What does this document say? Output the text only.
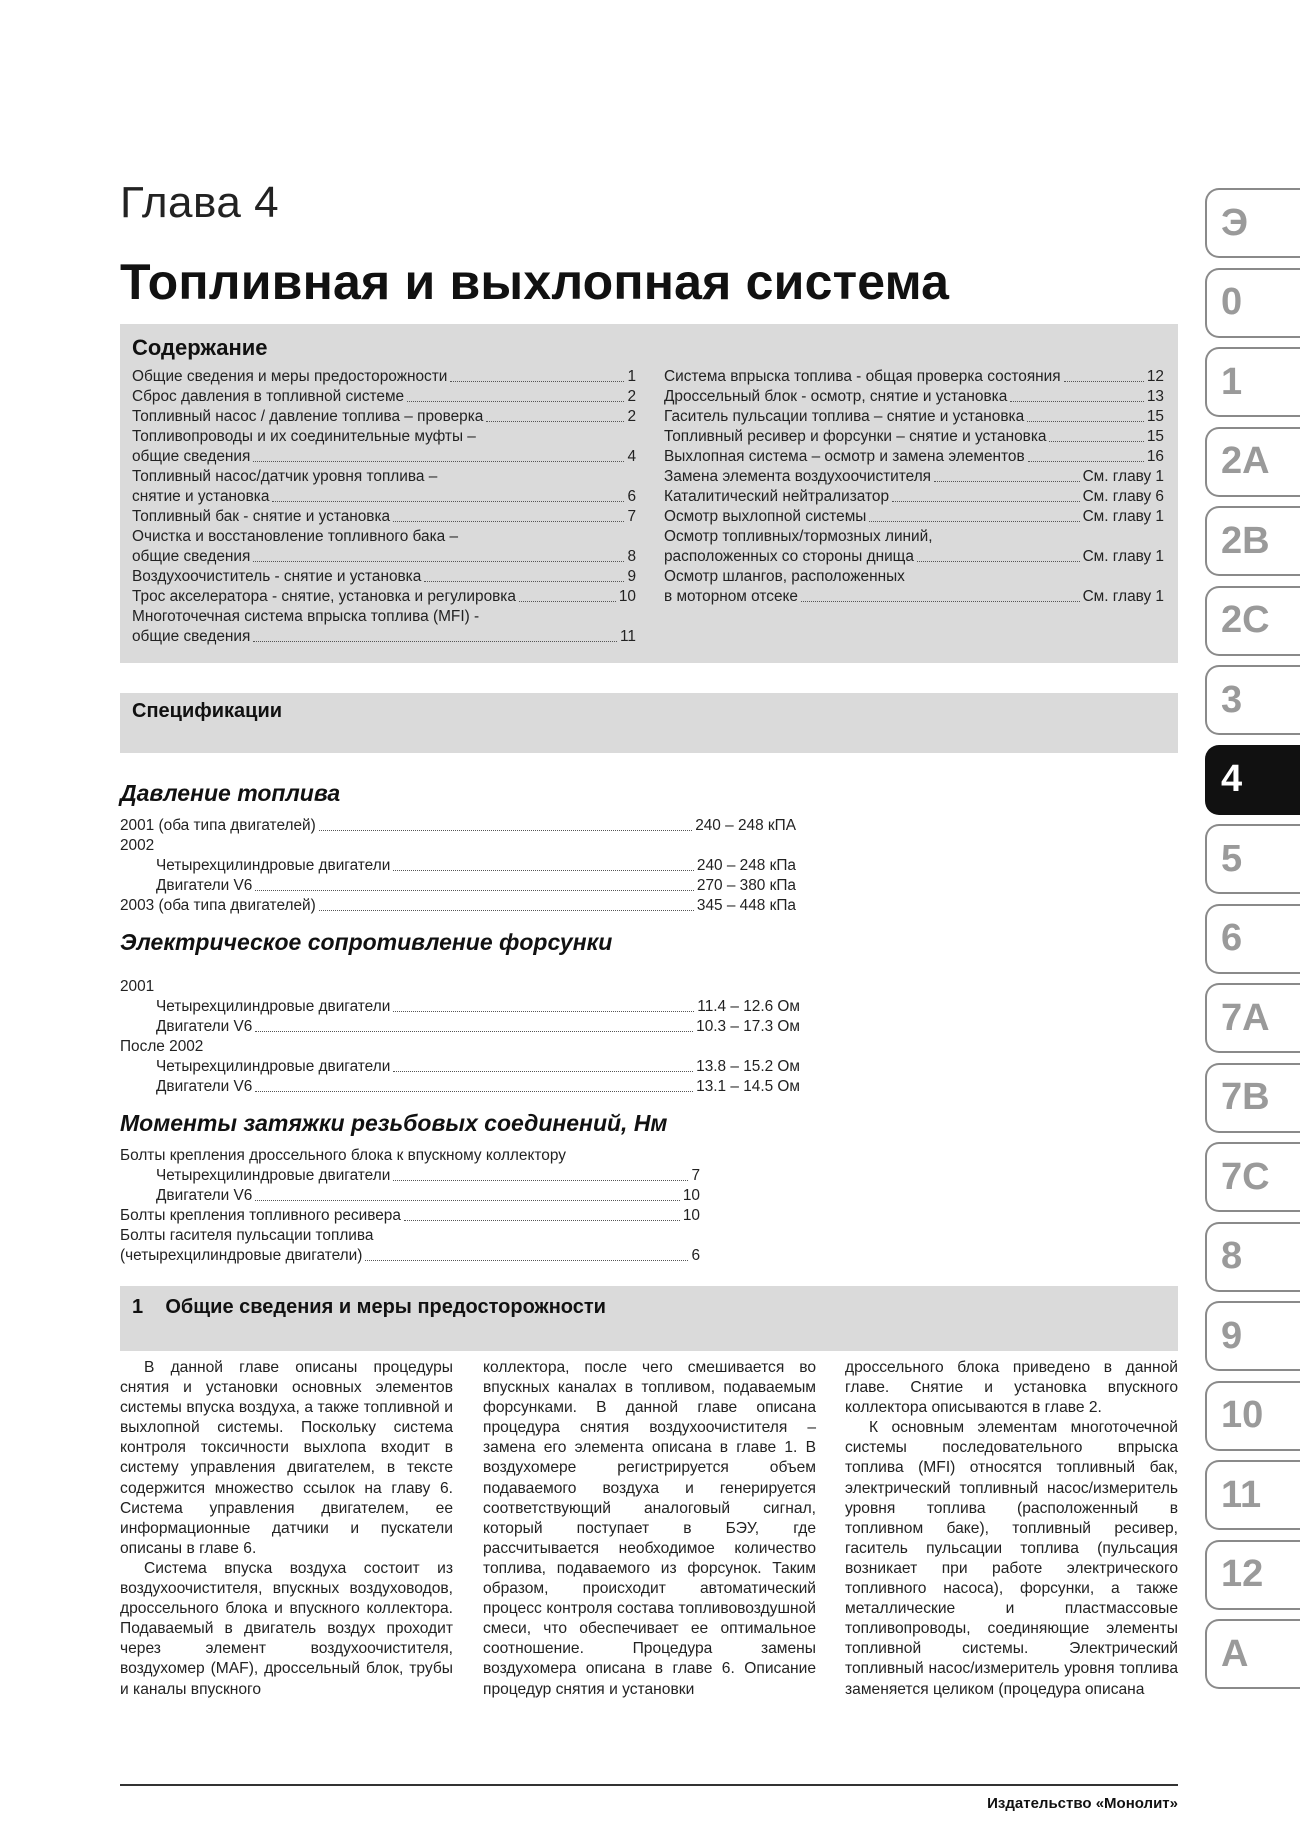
Глава 4
Топливная и выхлопная система
Содержание
Общие сведения и меры предосторожности	1
Сброс давления в топливной системе	2
Топливный насос / давление топлива – проверка	2
Топливопроводы и их соединительные муфты –
общие сведения	4
Топливный насос/датчик уровня топлива –
снятие и установка	6
Топливный бак - снятие и установка	7
Очистка и восстановление топливного бака –
общие сведения	8
Воздухоочиститель - снятие и установка	9
Трос акселератора - снятие, установка и регулировка	10
Многоточечная система впрыска топлива (MFI) -
общие сведения	11
Система впрыска топлива - общая проверка состояния	12
Дроссельный блок - осмотр, снятие и установка	13
Гаситель пульсации топлива – снятие и установка	15
Топливный ресивер и форсунки – снятие и установка	15
Выхлопная система – осмотр и замена элементов	16
Замена элемента воздухоочистителя	См. главу 1
Каталитический нейтрализатор	См. главу 6
Осмотр выхлопной системы	См. главу 1
Осмотр топливных/тормозных линий,
расположенных со стороны днища	См. главу 1
Осмотр шлангов, расположенных
в моторном отсеке	См. главу 1
Спецификации
Давление топлива
2001 (оба типа двигателей)	240 – 248 кПА
2002
Четырехцилиндровые двигатели	240 – 248 кПа
Двигатели V6	270 – 380 кПа
2003 (оба типа двигателей)	345 – 448 кПа
Электрическое сопротивление форсунки
2001
Четырехцилиндровые двигатели	11.4 – 12.6 Ом
Двигатели V6	10.3 – 17.3 Ом
После 2002
Четырехцилиндровые двигатели	13.8 – 15.2 Ом
Двигатели V6	13.1 – 14.5 Ом
Моменты затяжки резьбовых соединений, Нм
Болты крепления дроссельного блока к впускному коллектору
Четырехцилиндровые двигатели	7
Двигатели V6	10
Болты крепления топливного ресивера	10
Болты гасителя пульсации топлива
(четырехцилиндровые двигатели)	6
1 Общие сведения и меры предосторожности

В данной главе описаны процедуры снятия и установки основных элементов системы впуска воздуха, а также топливной и выхлопной системы. Поскольку система контроля токсичности выхлопа входит в систему управления двигателем, в тексте содержится множество ссылок на главу 6. Система управления двигателем, ее информационные датчики и пускатели описаны в главе 6.

Система впуска воздуха состоит из воздухоочистителя, впускных воздуховодов, дроссельного блока и впускного коллектора. Подаваемый в двигатель воздух проходит через элемент воздухоочистителя, воздухомер (MAF), дроссельный блок, трубы и каналы впускного

коллектора, после чего смешивается во впускных каналах в топливом, подаваемым форсунками. В данной главе описана процедура снятия воздухоочистителя – замена его элемента описана в главе 1. В воздухомере регистрируется объем подаваемого воздуха и генерируется соответствующий аналоговый сигнал, который поступает в БЭУ, где рассчитывается необходимое количество топлива, подаваемого из форсунок. Таким образом, происходит автоматический процесс контроля состава топливовоздушной смеси, что обеспечивает ее оптимальное соотношение. Процедура замены воздухомера описана в главе 6. Описание процедур снятия и установки

дроссельного блока приведено в данной главе. Снятие и установка впускного коллектора описываются в главе 2.

К основным элементам многоточечной системы последовательного впрыска топлива (MFI) относятся топливный бак, электрический топливный насос/измеритель уровня топлива (расположенный в топливном баке), топливный ресивер, гаситель пульсации топлива (пульсация возникает при работе электрического топливного насоса), форсунки, а также металлические и пластмассовые топливопроводы, соединяющие элементы топливной системы. Электрический топливный насос/измеритель уровня топлива заменяется целиком (процедура описана

Издательство «Монолит»
Э
0
1
2A
2B
2C
3
4
5
6
7A
7B
7C
8
9
10
11
12
A
